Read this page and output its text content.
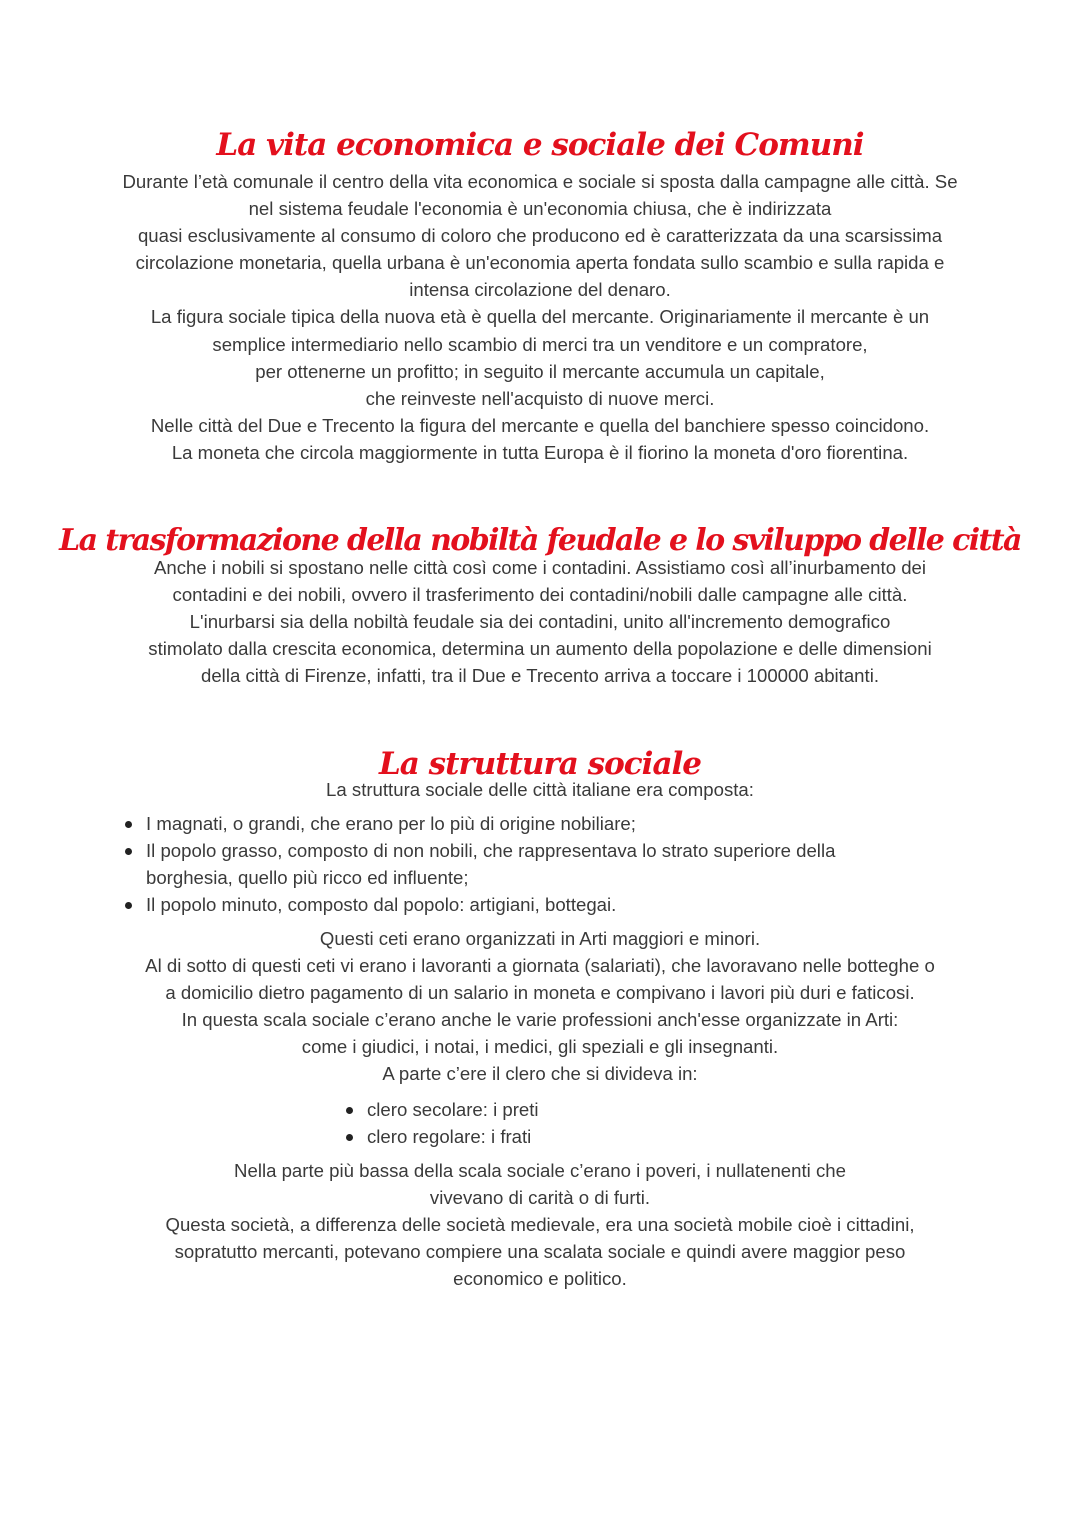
La vita economica e sociale dei Comuni
Durante l’età comunale il centro della vita economica e sociale si sposta dalla campagne alle città. Se
nel sistema feudale l'economia è un'economia chiusa, che è indirizzata
quasi esclusivamente al consumo di coloro che producono ed è caratterizzata da una scarsissima
circolazione monetaria, quella urbana è un'economia aperta fondata sullo scambio e sulla rapida e
intensa circolazione del denaro.
La figura sociale tipica della nuova età è quella del mercante. Originariamente il mercante è un
semplice intermediario nello scambio di merci tra un venditore e un compratore,
per ottenerne un profitto; in seguito il mercante accumula un capitale,
che reinveste nell'acquisto di nuove merci.
Nelle città del Due e Trecento la figura del mercante e quella del banchiere spesso coincidono.
La moneta che circola maggiormente in tutta Europa è il fiorino la moneta d'oro fiorentina.
La trasformazione della nobiltà feudale e lo sviluppo delle città
Anche i nobili si spostano nelle città così come i contadini. Assistiamo così all’inurbamento dei
contadini e dei nobili, ovvero il trasferimento dei contadini/nobili dalle campagne alle città.
L'inurbarsi sia della nobiltà feudale sia dei contadini, unito all'incremento demografico
stimolato dalla crescita economica, determina un aumento della popolazione e delle dimensioni
della città di Firenze, infatti, tra il Due e Trecento arriva a toccare i 100000 abitanti.
La struttura sociale
La struttura sociale delle città italiane era composta:
I magnati, o grandi, che erano per lo più di origine nobiliare;
Il popolo grasso, composto di non nobili, che rappresentava lo strato superiore della
borghesia, quello più ricco ed influente;
Il popolo minuto, composto dal popolo: artigiani, bottegai.
Questi ceti erano organizzati in Arti maggiori e minori.
Al di sotto di questi ceti vi erano i lavoranti a giornata (salariati), che lavoravano nelle botteghe o
a domicilio dietro pagamento di un salario in moneta e compivano i lavori più duri e faticosi.
In questa scala sociale c’erano anche le varie professioni anch'esse organizzate in Arti:
come i giudici, i notai, i medici, gli speziali e gli insegnanti.
A parte c’ere il clero che si divideva in:
clero secolare: i preti
clero regolare: i frati
Nella parte più bassa della scala sociale c’erano i poveri, i nullatenenti che
vivevano di carità o di furti.
Questa società, a differenza delle società medievale, era una società mobile cioè i cittadini,
sopratutto mercanti, potevano compiere una scalata sociale e quindi avere maggior peso
economico e politico.
